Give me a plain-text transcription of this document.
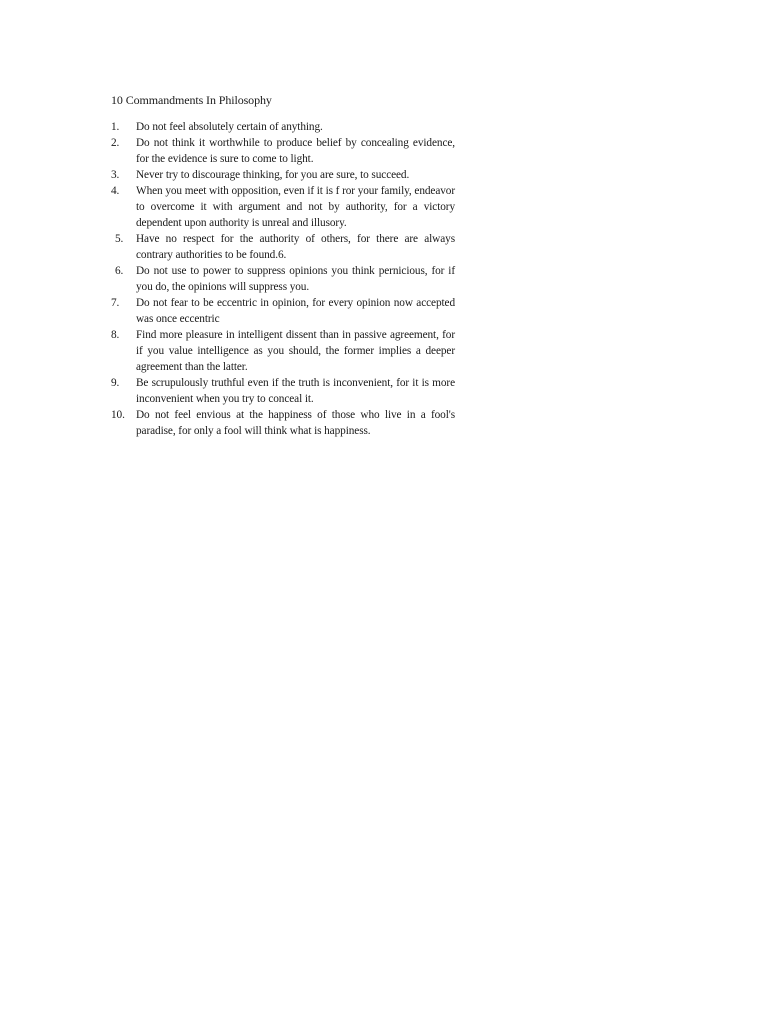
10 Commandments In Philosophy
1.	Do not feel absolutely certain of anything.
2.	Do not think it worthwhile to produce belief by concealing evidence, for the evidence is sure to come to light.
3.	Never try to discourage thinking, for you are sure, to succeed.
4.	When you meet with opposition, even if it is f ror your family, endeavor to overcome it with argument and not by authority, for a victory dependent upon authority is unreal and illusory.
5.	Have no respect for the authority of others, for there are always contrary authorities to be found.6.
6.	Do not use to power to suppress opinions you think pernicious, for if you do, the opinions will suppress you.
7.	Do not fear to be eccentric in opinion, for every opinion now accepted was once eccentric
8.	Find more pleasure in intelligent dissent than in passive agreement, for if you value intelligence as you should, the former implies a deeper agreement than the latter.
9.	Be scrupulously truthful even if the truth is inconvenient, for it is more inconvenient when you try to conceal it.
10. Do not feel envious at the happiness of those who live in a fool's paradise, for only a fool will think what is happiness.
